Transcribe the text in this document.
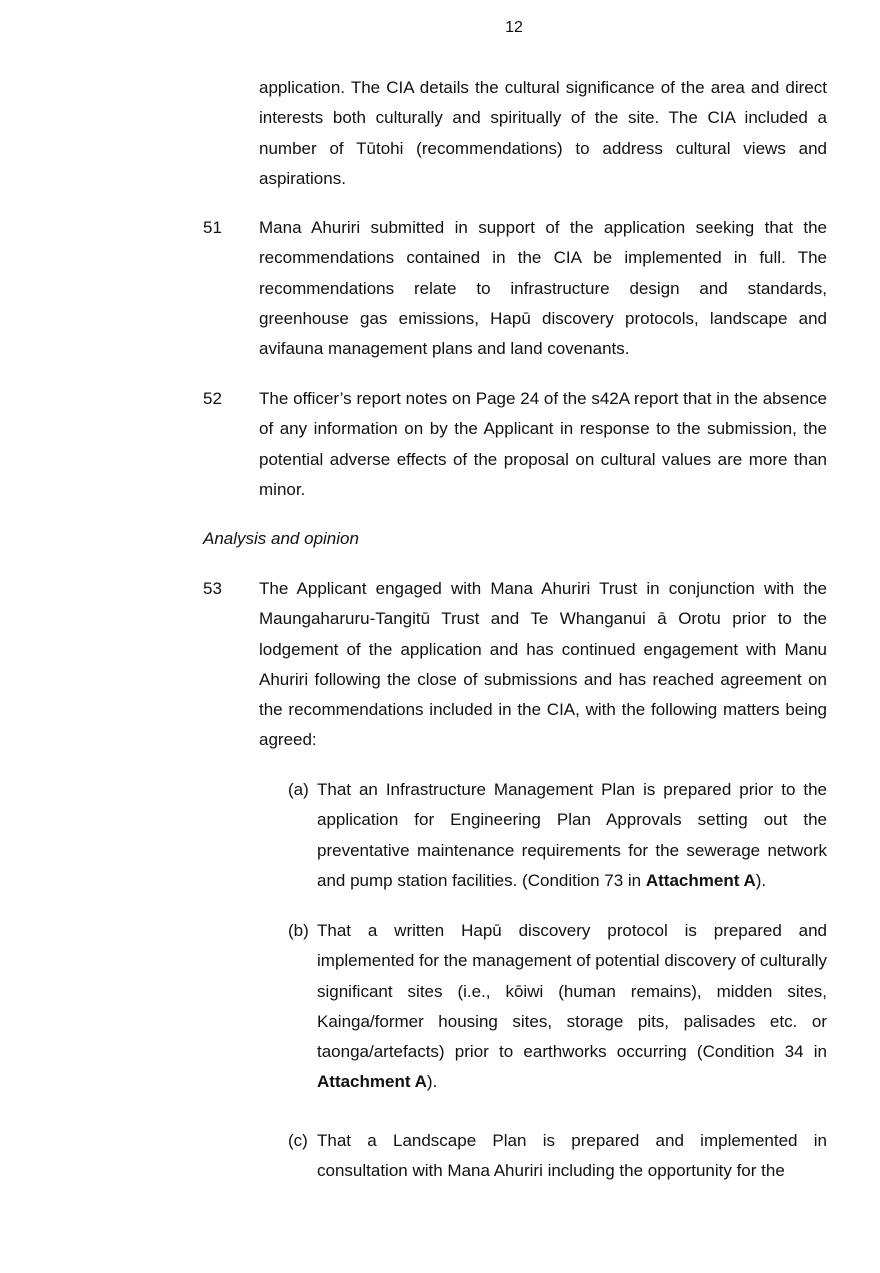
12
application. The CIA details the cultural significance of the area and direct interests both culturally and spiritually of the site. The CIA included a number of Tūtohi (recommendations) to address cultural views and aspirations.
51 Mana Ahuriri submitted in support of the application seeking that the recommendations contained in the CIA be implemented in full. The recommendations relate to infrastructure design and standards, greenhouse gas emissions, Hapū discovery protocols, landscape and avifauna management plans and land covenants.
52 The officer’s report notes on Page 24 of the s42A report that in the absence of any information on by the Applicant in response to the submission, the potential adverse effects of the proposal on cultural values are more than minor.
Analysis and opinion
53 The Applicant engaged with Mana Ahuriri Trust in conjunction with the Maungaharuru-Tangitū Trust and Te Whanganui ā Orotu prior to the lodgement of the application and has continued engagement with Manu Ahuriri following the close of submissions and has reached agreement on the recommendations included in the CIA, with the following matters being agreed:
(a) That an Infrastructure Management Plan is prepared prior to the application for Engineering Plan Approvals setting out the preventative maintenance requirements for the sewerage network and pump station facilities. (Condition 73 in Attachment A).
(b) That a written Hapū discovery protocol is prepared and implemented for the management of potential discovery of culturally significant sites (i.e., kōiwi (human remains), midden sites, Kainga/former housing sites, storage pits, palisades etc. or taonga/artefacts) prior to earthworks occurring (Condition 34 in Attachment A).
(c) That a Landscape Plan is prepared and implemented in consultation with Mana Ahuriri including the opportunity for the
